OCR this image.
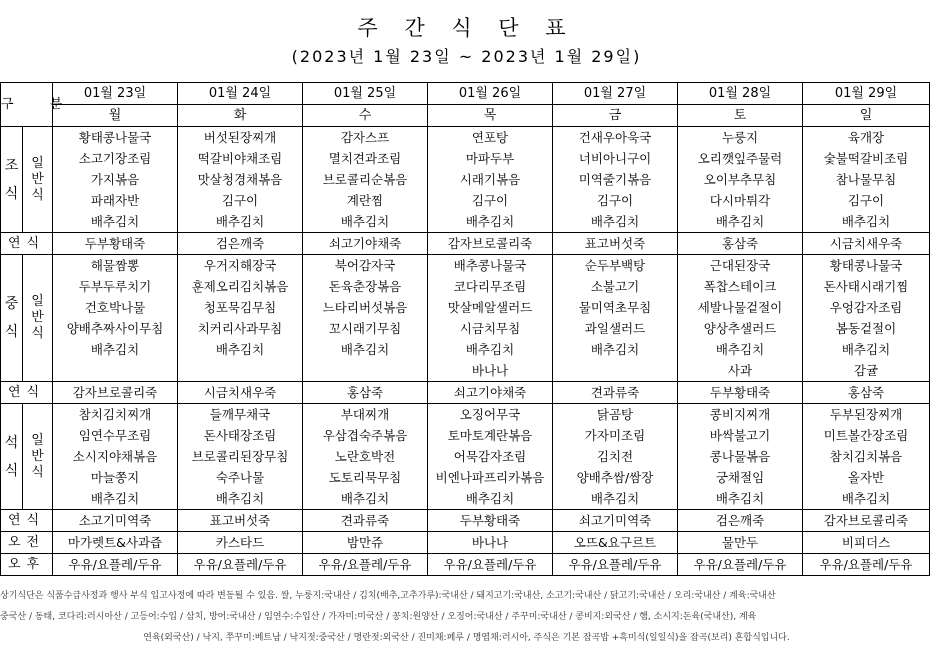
주 간 식 단 표
(2023년 1월 23일 ~ 2023년 1월 29일)
구 분		01월 23일	01월 24일	01월 25일	01월 26일	01월 27일	01월 28일	01월 29일
		월	화	수	목	금	토	일

조
식	일
반
식	황태콩나물국	버섯된장찌개	감자스프	연포탕	건새우아욱국	누룽지	육개장
		소고기장조림	떡갈비야채조림	멸치견과조림	마파두부	너비아니구이	오리깻잎주물럭	숯불떡갈비조림
		가지볶음	맛살청경채볶음	브로콜리순볶음	시래기볶음	미역줄기볶음	오이부추무침	참나물무침
		파래자반	김구이	계란찜	김구이	김구이	다시마튀각	김구이
		배추김치	배추김치	배추김치	배추김치	배추김치	배추김치	배추김치
연식		두부황태죽	검은깨죽	쇠고기야채죽	감자브로콜리죽	표고버섯죽	홍삼죽	시금치새우죽

중
식	일
반
식	해물짬뽕	우거지해장국	북어감자국	배추콩나물국	순두부백탕	근대된장국	황태콩나물국
		두부두루치기	훈제오리김치볶음	돈육춘장볶음	코다리무조림	소불고기	폭찹스테이크	돈사태시래기찜
		건호박나물	청포묵김무침	느타리버섯볶음	맛살메알샐러드	물미역초무침	세발나물겉절이	우엉감자조림
		양배추짜사이무침	치커리사과무침	꼬시래기무침	시금치무침	과일샐러드	양상추샐러드	봄동겉절이
		배추김치	배추김치	배추김치	배추김치	배추김치	배추김치	배추김치
					바나나		사과	감귤
연식		감자브로콜리죽	시금치새우죽	홍삼죽	쇠고기야채죽	견과류죽	두부황태죽	홍삼죽

석
식	일
반
식	참치김치찌개	들깨무채국	부대찌개	오징어무국	닭곰탕	콩비지찌개	두부된장찌개
		임연수무조림	돈사태장조림	우삼겹숙주볶음	토마토계란볶음	가자미조림	바싹불고기	미트볼간장조림
		소시지야채볶음	브로콜리된장무침	노란호박전	어묵감자조림	김치전	콩나물볶음	참치김치볶음
		마늘쫑지	숙주나물	도토리묵무침	비엔나파프리카볶음	양배추쌈/쌈장	궁채절임	올자반
		배추김치	배추김치	배추김치	배추김치	배추김치	배추김치	배추김치
연식		소고기미역죽	표고버섯죽	견과류죽	두부황태죽	쇠고기미역죽	검은깨죽	감자브로콜리죽
오전		마가렛트&사과즙	카스타드	밤만쥬	바나나	오뜨&요구르트	물만두	비피더스
오후		우유/요플레/두유	우유/요플레/두유	우유/요플레/두유	우유/요플레/두유	우유/요플레/두유	우유/요플레/두유	우유/요플레/두유
상기식단은 식품수급사정과 행사 부식 입고사정에 따라 변동될 수 있음. 쌀, 누룽지:국내산 / 김치(배추,고추가루):국내산 / 돼지고기:국내산, 소고기:국내산 / 닭고기:국내산 / 오리:국내산 / 계육:국내산
중국산 / 동태, 코다리:러시아산 / 고등어:수입 / 삼치, 방어:국내산 / 임연수:수입산 / 가자미:미국산 / 꽁치:원양산 / 오징어:국내산 / 주꾸미:국내산 / 콩비지:외국산 / 햄, 소시지:돈육(국내산), 계육
연육(외국산) / 낙지, 쭈꾸미:베트남 / 낙지젓:중국산 / 명란젓:외국산 / 진미채:페루 / 명엽채:러시아, 주식은 기본 잡곡밥 +흑미식(일일식)을 잡곡(보리) 혼합식입니다.
